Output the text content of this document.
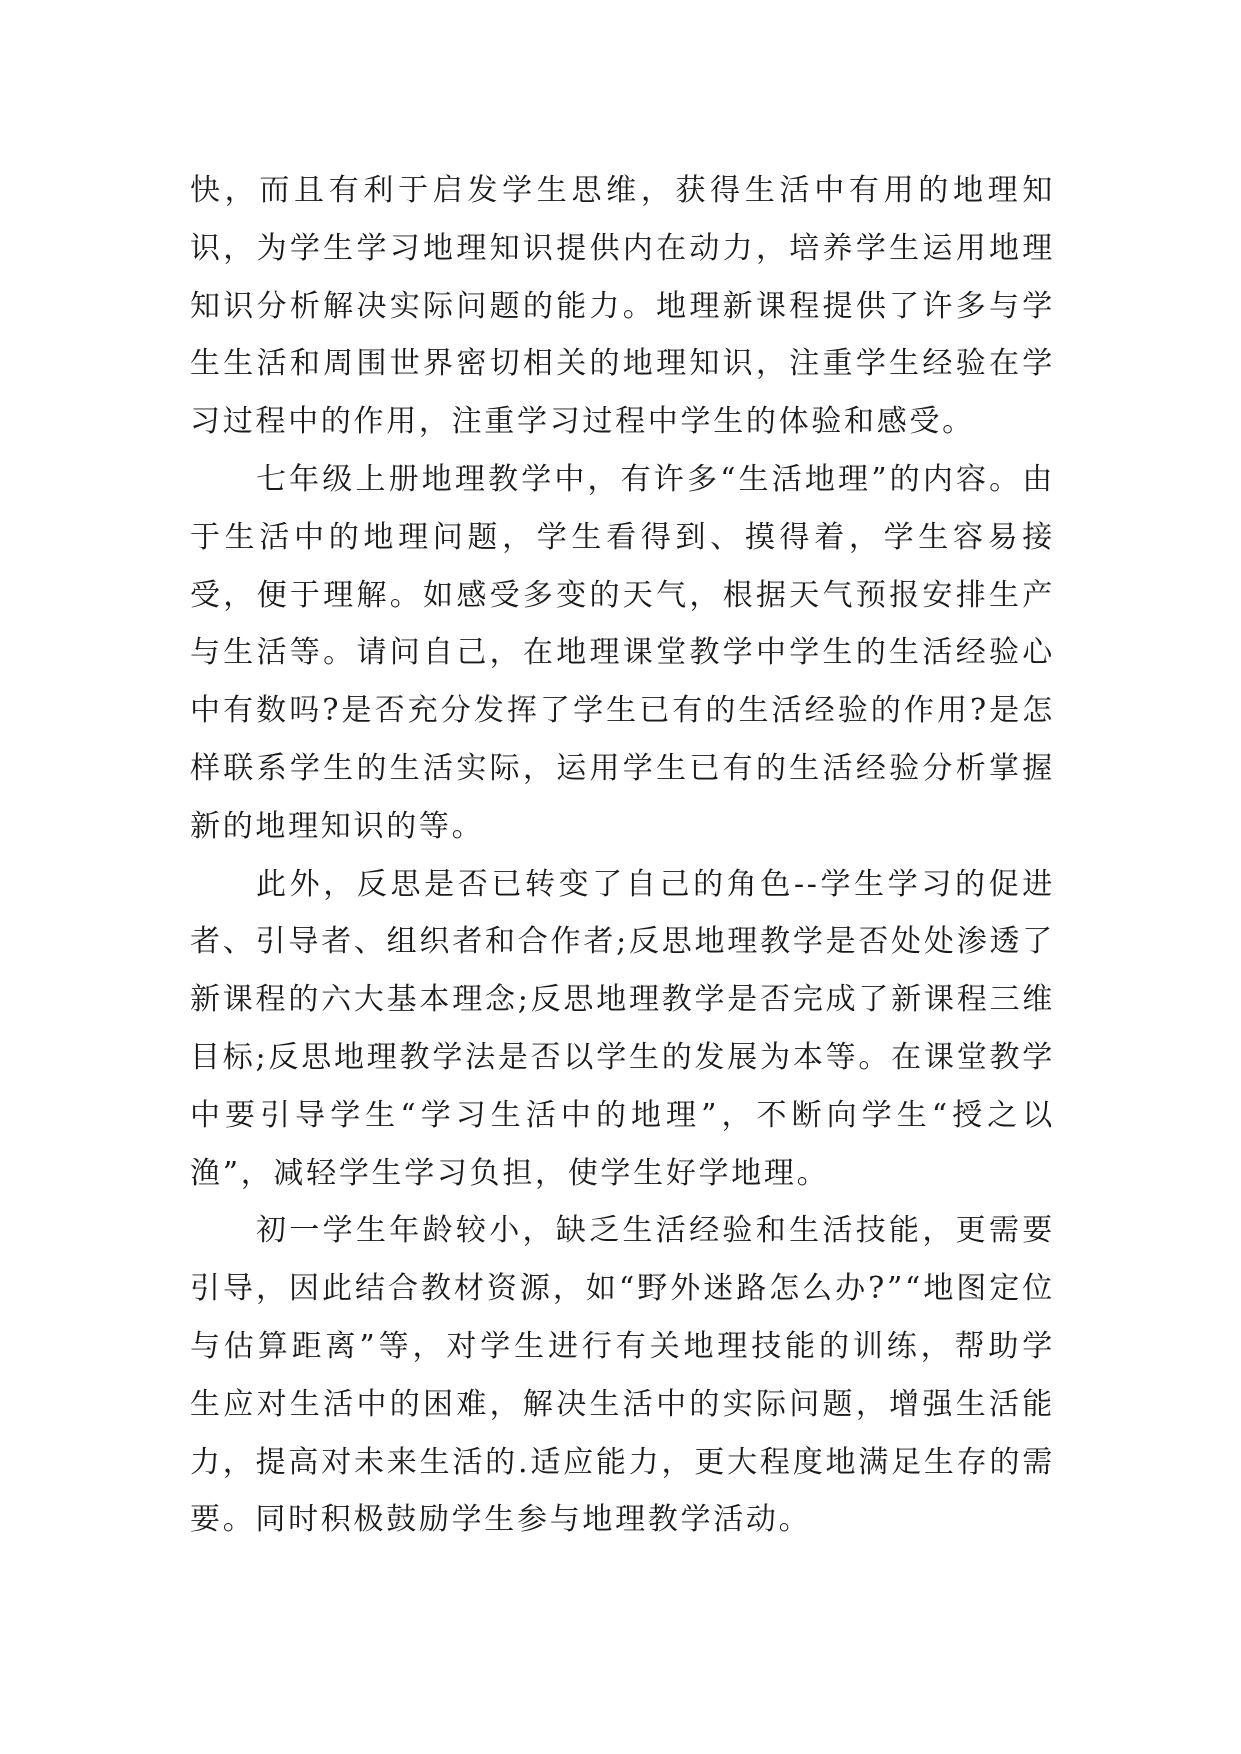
快，而且有利于启发学生思维，获得生活中有用的地理知识，为学生学习地理知识提供内在动力，培养学生运用地理知识分析解决实际问题的能力。地理新课程提供了许多与学生生活和周围世界密切相关的地理知识，注重学生经验在学习过程中的作用，注重学习过程中学生的体验和感受。

七年级上册地理教学中，有许多“生活地理”的内容。由于生活中的地理问题，学生看得到、摸得着，学生容易接受，便于理解。如感受多变的天气，根据天气预报安排生产与生活等。请问自己，在地理课堂教学中学生的生活经验心中有数吗?是否充分发挥了学生已有的生活经验的作用?是怎样联系学生的生活实际，运用学生已有的生活经验分析掌握新的地理知识的等。

此外，反思是否已转变了自己的角色--学生学习的促进者、引导者、组织者和合作者;反思地理教学是否处处渗透了新课程的六大基本理念;反思地理教学是否完成了新课程三维目标;反思地理教学法是否以学生的发展为本等。在课堂教学中要引导学生“学习生活中的地理”，不断向学生“授之以渔”，减轻学生学习负担，使学生好学地理。

初一学生年龄较小，缺乏生活经验和生活技能，更需要引导，因此结合教材资源，如“野外迷路怎么办?”“地图定位与估算距离”等，对学生进行有关地理技能的训练，帮助学生应对生活中的困难，解决生活中的实际问题，增强生活能力，提高对未来生活的.适应能力，更大程度地满足生存的需要。同时积极鼓励学生参与地理教学活动。
